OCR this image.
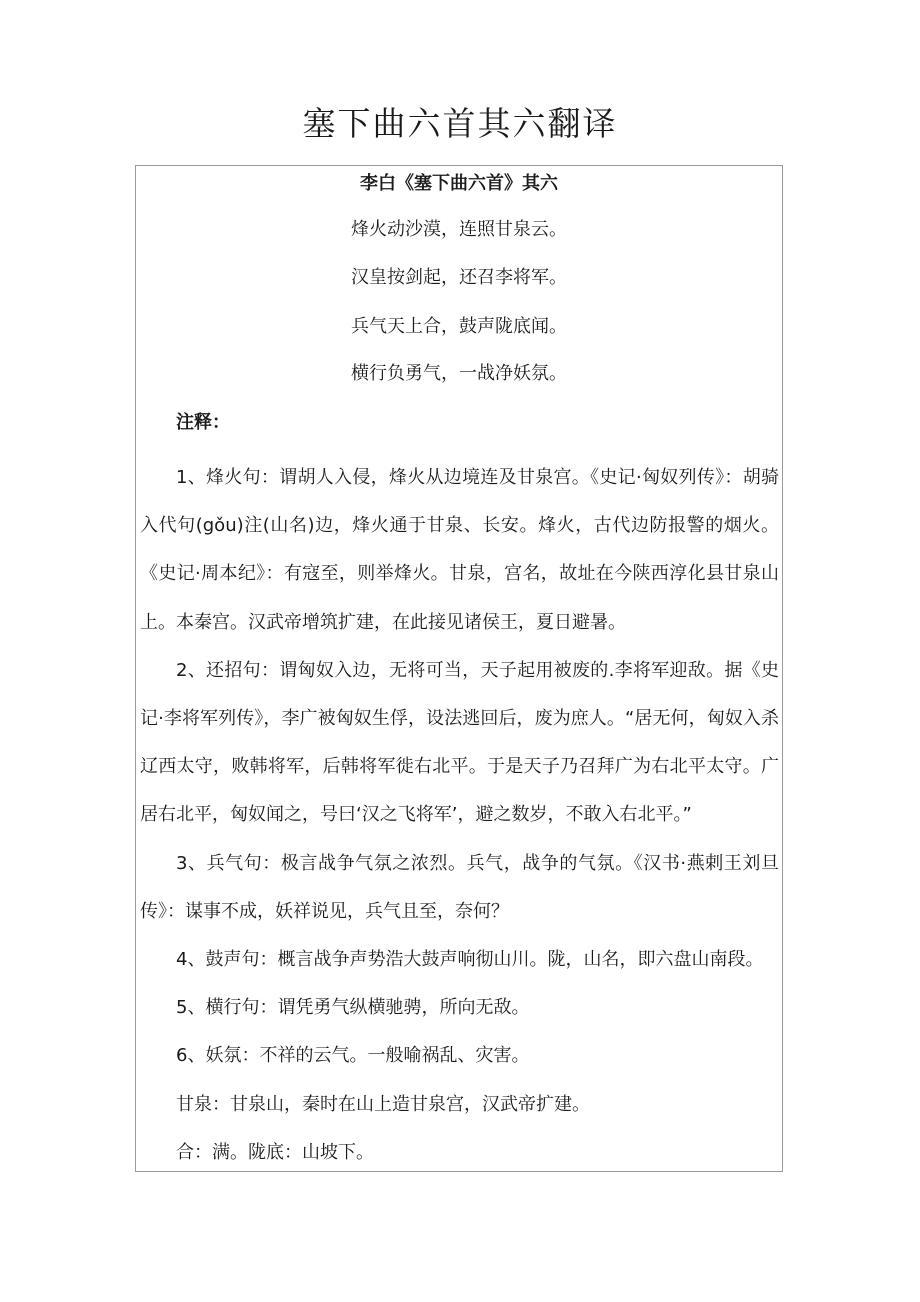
塞下曲六首其六翻译

李白《塞下曲六首》其六

烽火动沙漠，连照甘泉云。

汉皇按剑起，还召李将军。

兵气天上合，鼓声陇底闻。

横行负勇气，一战净妖氛。

注释：

1、烽火句：谓胡人入侵，烽火从边境连及甘泉宫。《史记·匈奴列传》：胡骑入代句(gǒu)注(山名)边，烽火通于甘泉、长安。烽火，古代边防报警的烟火。《史记·周本纪》：有寇至，则举烽火。甘泉，宫名，故址在今陕西淳化县甘泉山上。本秦宫。汉武帝增筑扩建，在此接见诸侯王，夏日避暑。

2、还招句：谓匈奴入边，无将可当，天子起用被废的.李将军迎敌。据《史记·李将军列传》，李广被匈奴生俘，设法逃回后，废为庶人。“居无何，匈奴入杀辽西太守，败韩将军，后韩将军徙右北平。于是天子乃召拜广为右北平太守。广居右北平，匈奴闻之，号曰‘汉之飞将军’，避之数岁，不敢入右北平。”

3、兵气句：极言战争气氛之浓烈。兵气，战争的气氛。《汉书·燕剌王刘旦传》：谋事不成，妖祥说见，兵气且至，奈何？

4、鼓声句：概言战争声势浩大鼓声响彻山川。陇，山名，即六盘山南段。

5、横行句：谓凭勇气纵横驰骋，所向无敌。

6、妖氛：不祥的云气。一般喻祸乱、灾害。

甘泉：甘泉山，秦时在山上造甘泉宫，汉武帝扩建。

合：满。陇底：山坡下。
